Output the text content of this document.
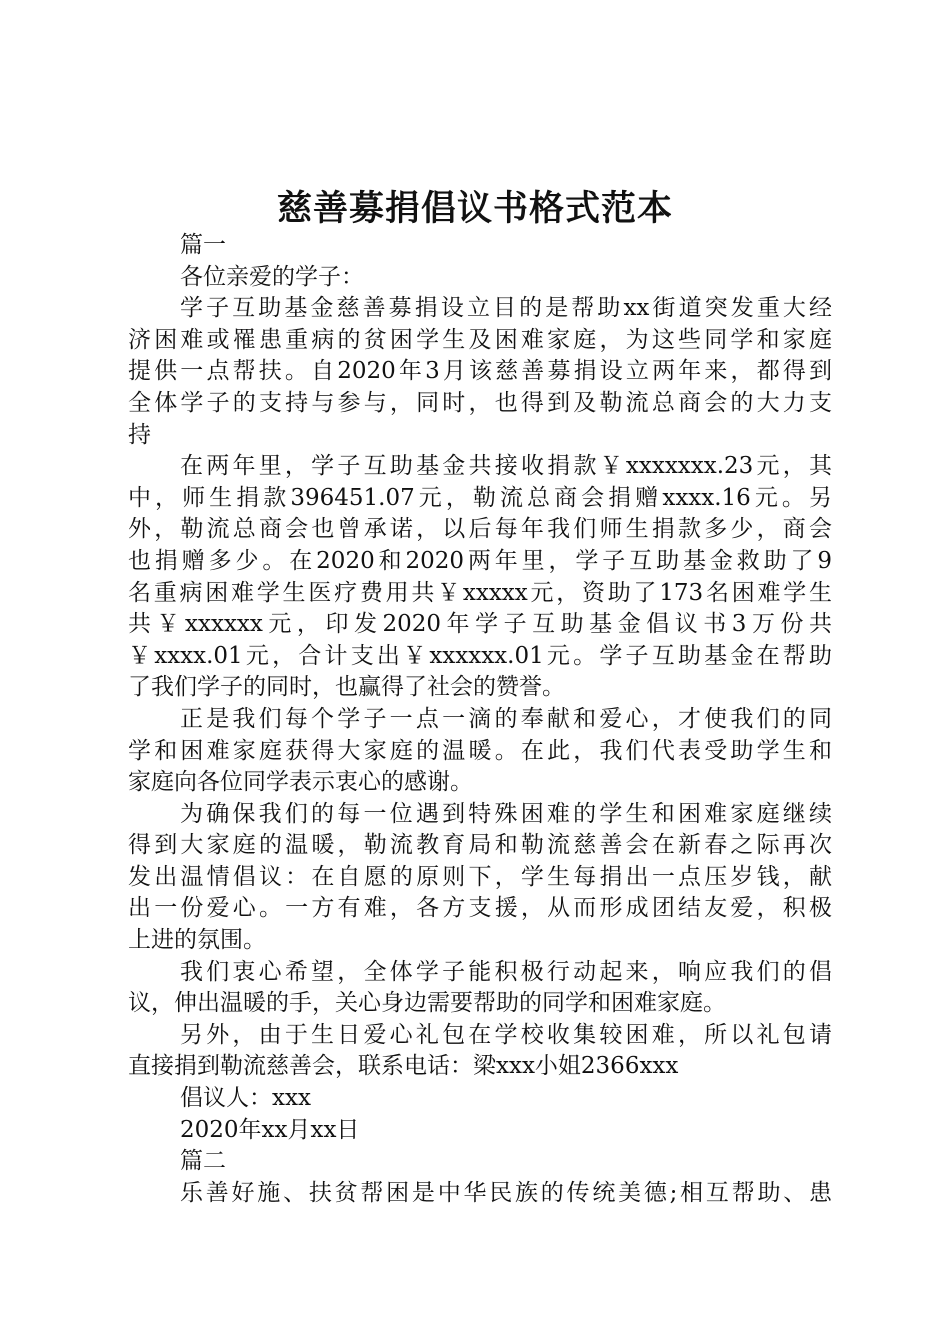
慈善募捐倡议书格式范本
篇一
各位亲爱的学子：
学子互助基金慈善募捐设立目的是帮助xx街道突发重大经
济困难或罹患重病的贫困学生及困难家庭，为这些同学和家庭
提供一点帮扶。自2020年3月该慈善募捐设立两年来，都得到
全体学子的支持与参与，同时，也得到及勒流总商会的大力支
持
在两年里，学子互助基金共接收捐款￥xxxxxxx.23元，其
中，师生捐款396451.07元，勒流总商会捐赠xxxx.16元。另
外，勒流总商会也曾承诺，以后每年我们师生捐款多少，商会
也捐赠多少。在2020和2020两年里，学子互助基金救助了9
名重病困难学生医疗费用共￥xxxxx元，资助了173名困难学生
共￥xxxxxx元，印发2020年学子互助基金倡议书3万份共
￥xxxx.01元，合计支出￥xxxxxx.01元。学子互助基金在帮助
了我们学子的同时，也赢得了社会的赞誉。
正是我们每个学子一点一滴的奉献和爱心，才使我们的同
学和困难家庭获得大家庭的温暖。在此，我们代表受助学生和
家庭向各位同学表示衷心的感谢。
为确保我们的每一位遇到特殊困难的学生和困难家庭继续
得到大家庭的温暖，勒流教育局和勒流慈善会在新春之际再次
发出温情倡议：在自愿的原则下，学生每捐出一点压岁钱，献
出一份爱心。一方有难，各方支援，从而形成团结友爱，积极
上进的氛围。
我们衷心希望，全体学子能积极行动起来，响应我们的倡
议，伸出温暖的手，关心身边需要帮助的同学和困难家庭。
另外，由于生日爱心礼包在学校收集较困难，所以礼包请
直接捐到勒流慈善会，联系电话：梁xxx小姐2366xxx
倡议人：xxx
2020年xx月xx日
篇二
乐善好施、扶贫帮困是中华民族的传统美德;相互帮助、患
